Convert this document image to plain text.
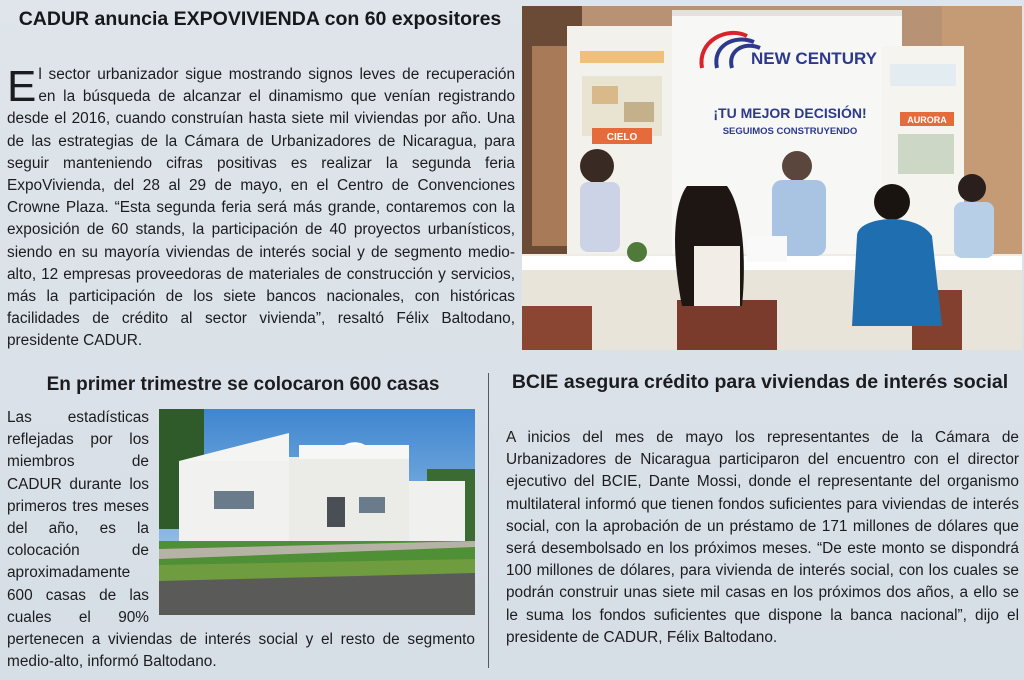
CADUR anuncia EXPOVIVIENDA con 60 expositores

El sector urbanizador sigue mostrando signos leves de recuperación en la búsqueda de alcanzar el dinamismo que venían registrando desde el 2016, cuando construían hasta siete mil viviendas por año. Una de las estrategias de la Cámara de Urbanizadores de Nicaragua, para seguir manteniendo cifras positivas es realizar la segunda feria ExpoVivienda, del 28 al 29 de mayo, en el Centro de Convenciones Crowne Plaza. “Esta segunda feria será más grande, contaremos con la exposición de 60 stands, la participación de 40 proyectos urbanísticos, siendo en su mayoría viviendas de interés social y de segmento medio-alto, 12 empresas proveedoras de materiales de construcción y servicios, más la participación de los siete bancos nacionales, con históricas facilidades de crédito al sector vivienda”, resaltó Félix Baltodano, presidente CADUR.

CIELO
NEW CENTURY
¡TU MEJOR DECISIÓN!
SEGUIMOS CONSTRUYENDO
AURORA
En primer trimestre se colocaron 600 casas

Las estadísticas reflejadas por los miembros de CADUR durante los primeros tres meses del año, es la colocación de aproximadamente 600 casas de las cuales el 90% pertenecen a viviendas de interés social y el resto de segmento medio-alto, informó Baltodano.

BCIE asegura crédito para viviendas de interés social

A inicios del mes de mayo los representantes de la Cámara de Urbanizadores de Nicaragua participaron del encuentro con el director ejecutivo del BCIE, Dante Mossi, donde el representante del organismo multilateral informó que tienen fondos suficientes para viviendas de interés social, con la aprobación de un préstamo de 171 millones de dólares que será desembolsado en los próximos meses. “De este monto se dispondrá 100 millones de dólares, para vivienda de interés social, con los cuales se podrán construir unas siete mil casas en los próximos dos años, a ello se le suma los fondos suficientes que dispone la banca nacional”, dijo el presidente de CADUR, Félix Baltodano.
